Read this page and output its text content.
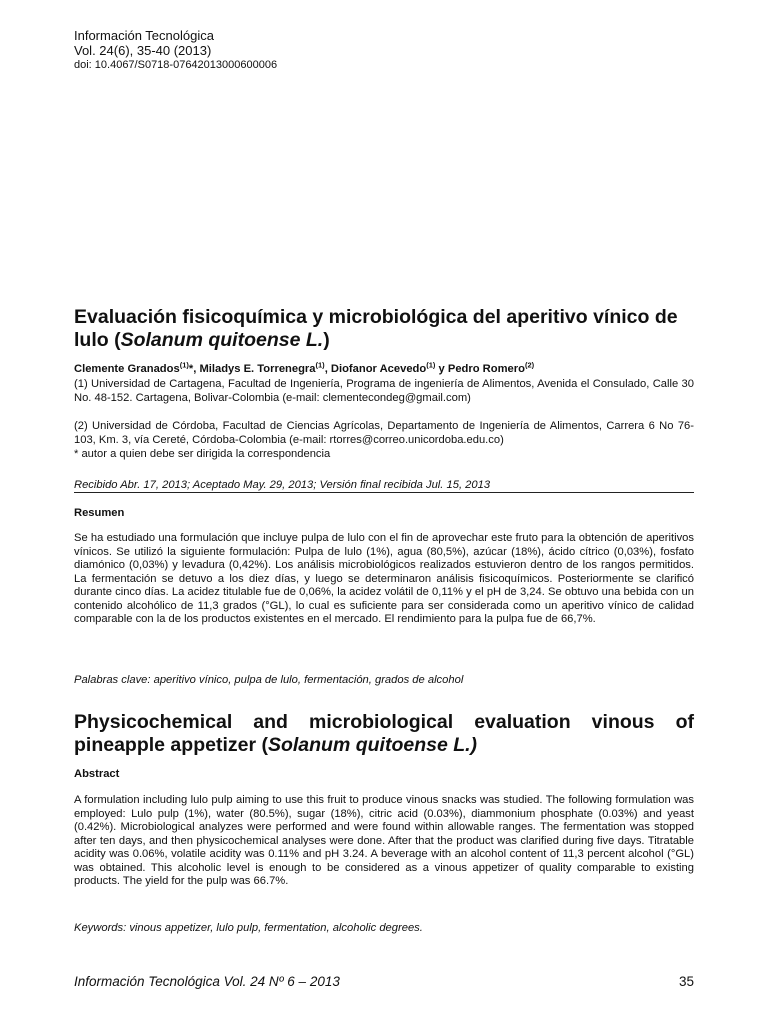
Información Tecnológica
Vol. 24(6), 35-40 (2013)
doi: 10.4067/S0718-07642013000600006
Evaluación fisicoquímica y microbiológica del aperitivo vínico de lulo (Solanum quitoense L.)
Clemente Granados$^{(1)}$*, Miladys E. Torrenegra$^{(1)}$, Diofanor Acevedo$^{(1)}$ y Pedro Romero$^{(2)}$
(1) Universidad de Cartagena, Facultad de Ingeniería, Programa de ingeniería de Alimentos, Avenida el Consulado, Calle 30 No. 48-152. Cartagena, Bolivar-Colombia (e-mail: clementecondeg@gmail.com)
(2) Universidad de Córdoba, Facultad de Ciencias Agrícolas, Departamento de Ingeniería de Alimentos, Carrera 6 No 76-103, Km. 3, vía Cereté, Córdoba-Colombia (e-mail: rtorres@correo.unicordoba.edu.co)
* autor a quien debe ser dirigida la correspondencia
Recibido Abr. 17, 2013; Aceptado May. 29, 2013; Versión final recibida Jul. 15, 2013
Resumen
Se ha estudiado una formulación que incluye pulpa de lulo con el fin de aprovechar este fruto para la obtención de aperitivos vínicos. Se utilizó la siguiente formulación: Pulpa de lulo (1%), agua (80,5%), azúcar (18%), ácido cítrico (0,03%), fosfato diamónico (0,03%) y levadura (0,42%). Los análisis microbiológicos realizados estuvieron dentro de los rangos permitidos. La fermentación se detuvo a los diez días, y luego se determinaron análisis fisicoquímicos. Posteriormente se clarificó durante cinco días. La acidez titulable fue de 0,06%, la acidez volátil de 0,11% y el pH de 3,24. Se obtuvo una bebida con un contenido alcohólico de 11,3 grados (°GL), lo cual es suficiente para ser considerada como un aperitivo vínico de calidad comparable con la de los productos existentes en el mercado. El rendimiento para la pulpa fue de 66,7%.
Palabras clave: aperitivo vínico, pulpa de lulo, fermentación, grados de alcohol
Physicochemical and microbiological evaluation vinous of pineapple appetizer (Solanum quitoense L.)
Abstract
A formulation including lulo pulp aiming to use this fruit to produce vinous snacks was studied. The following formulation was employed: Lulo pulp (1%), water (80.5%), sugar (18%), citric acid (0.03%), diammonium phosphate (0.03%) and yeast (0.42%). Microbiological analyzes were performed and were found within allowable ranges. The fermentation was stopped after ten days, and then physicochemical analyses were done. After that the product was clarified during five days. Titratable acidity was 0.06%, volatile acidity was 0.11% and pH 3.24. A beverage with an alcohol content of 11,3 percent alcohol (°GL) was obtained. This alcoholic level is enough to be considered as a vinous appetizer of quality comparable to existing products. The yield for the pulp was 66.7%.
Keywords: vinous appetizer, lulo pulp, fermentation, alcoholic degrees.
Información Tecnológica Vol. 24 Nº 6 – 2013	35
